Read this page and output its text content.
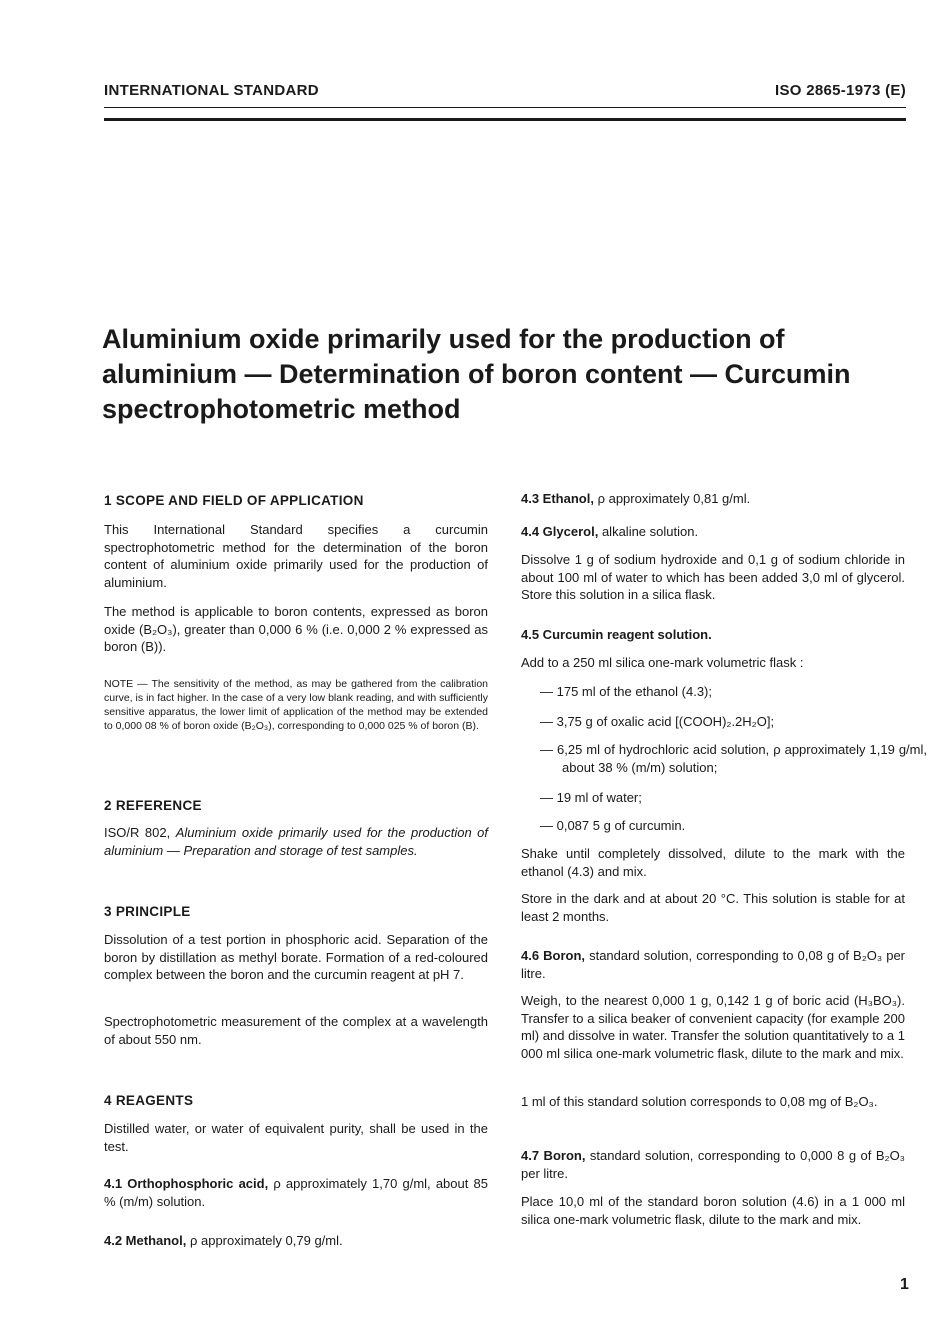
INTERNATIONAL STANDARD	ISO 2865-1973 (E)
Aluminium oxide primarily used for the production of aluminium — Determination of boron content — Curcumin spectrophotometric method
1 SCOPE AND FIELD OF APPLICATION
This International Standard specifies a curcumin spectrophotometric method for the determination of the boron content of aluminium oxide primarily used for the production of aluminium.
The method is applicable to boron contents, expressed as boron oxide (B₂O₃), greater than 0,000 6 % (i.e. 0,000 2 % expressed as boron (B)).
NOTE — The sensitivity of the method, as may be gathered from the calibration curve, is in fact higher. In the case of a very low blank reading, and with sufficiently sensitive apparatus, the lower limit of application of the method may be extended to 0,000 08 % of boron oxide (B₂O₃), corresponding to 0,000 025 % of boron (B).
2 REFERENCE
ISO/R 802, Aluminium oxide primarily used for the production of aluminium — Preparation and storage of test samples.
3 PRINCIPLE
Dissolution of a test portion in phosphoric acid. Separation of the boron by distillation as methyl borate. Formation of a red-coloured complex between the boron and the curcumin reagent at pH 7.
Spectrophotometric measurement of the complex at a wavelength of about 550 nm.
4 REAGENTS
Distilled water, or water of equivalent purity, shall be used in the test.
4.1 Orthophosphoric acid, ρ approximately 1,70 g/ml, about 85 % (m/m) solution.
4.2 Methanol, ρ approximately 0,79 g/ml.
4.3 Ethanol, ρ approximately 0,81 g/ml.
4.4 Glycerol, alkaline solution.
Dissolve 1 g of sodium hydroxide and 0,1 g of sodium chloride in about 100 ml of water to which has been added 3,0 ml of glycerol. Store this solution in a silica flask.
4.5 Curcumin reagent solution.
Add to a 250 ml silica one-mark volumetric flask :
— 175 ml of the ethanol (4.3);
— 3,75 g of oxalic acid [(COOH)₂.2H₂O];
— 6,25 ml of hydrochloric acid solution, ρ approximately 1,19 g/ml, about 38 % (m/m) solution;
— 19 ml of water;
— 0,087 5 g of curcumin.
Shake until completely dissolved, dilute to the mark with the ethanol (4.3) and mix.
Store in the dark and at about 20 °C. This solution is stable for at least 2 months.
4.6 Boron, standard solution, corresponding to 0,08 g of B₂O₃ per litre.
Weigh, to the nearest 0,000 1 g, 0,142 1 g of boric acid (H₃BO₃). Transfer to a silica beaker of convenient capacity (for example 200 ml) and dissolve in water. Transfer the solution quantitatively to a 1 000 ml silica one-mark volumetric flask, dilute to the mark and mix.
1 ml of this standard solution corresponds to 0,08 mg of B₂O₃.
4.7 Boron, standard solution, corresponding to 0,000 8 g of B₂O₃ per litre.
Place 10,0 ml of the standard boron solution (4.6) in a 1 000 ml silica one-mark volumetric flask, dilute to the mark and mix.
1
